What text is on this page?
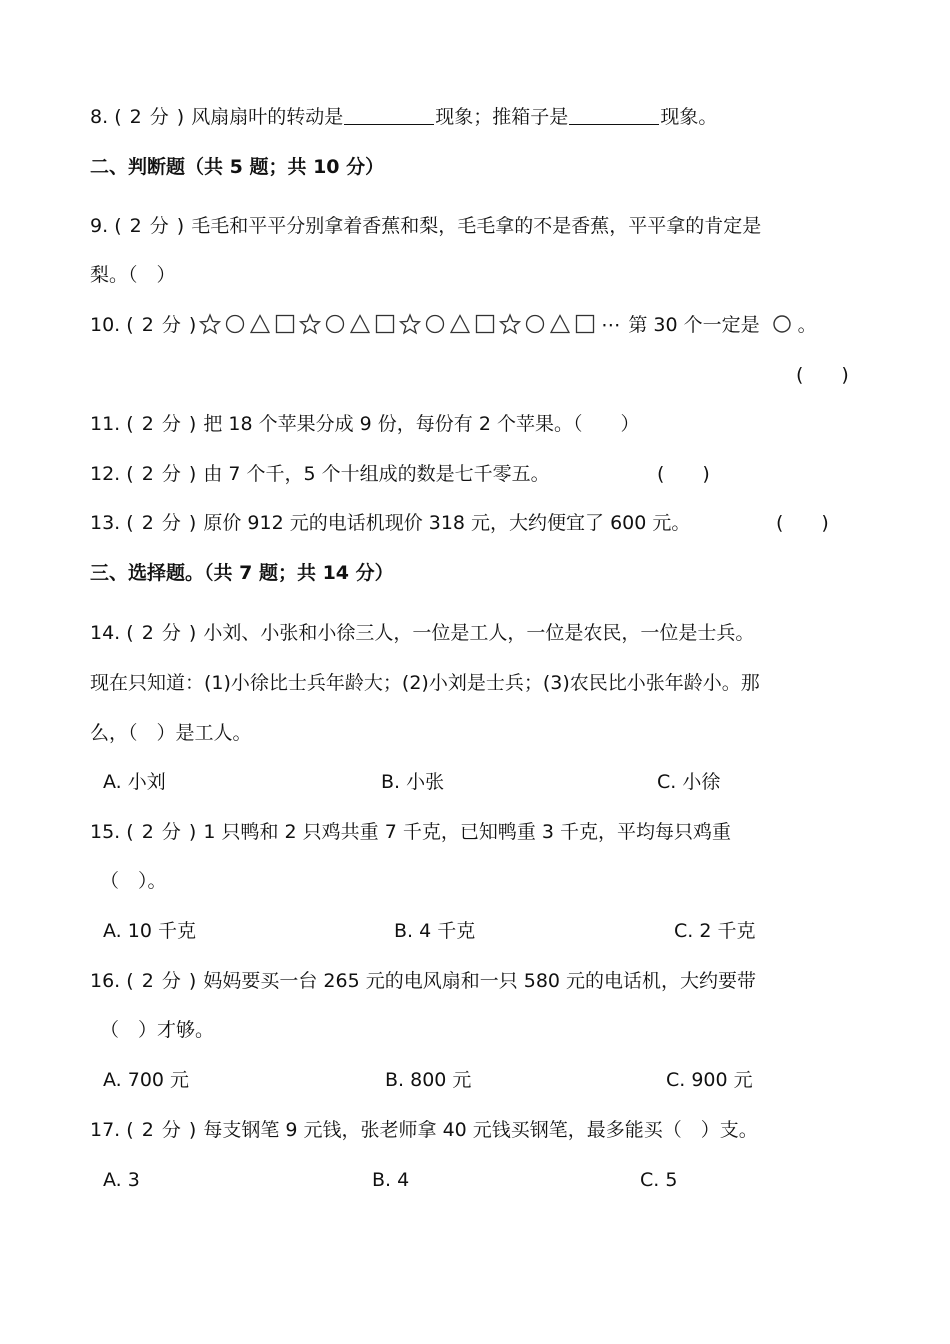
8. ( 2 分 ) 风扇扇叶的转动是	现象；推箱子是	现象。
二、判断题（共 5 题；共 10 分）
9. ( 2 分 ) 毛毛和平平分别拿着香蕉和梨，毛毛拿的不是香蕉，平平拿的肯定是
梨。（　）
10. ( 2 分 )	⋯ 第 30 个一定是 。
(　　)
11. ( 2 分 ) 把 18 个苹果分成 9 份，每份有 2 个苹果。（　　）
12. ( 2 分 ) 由 7 个千，5 个十组成的数是七千零五。	(　　)
13. ( 2 分 ) 原价 912 元的电话机现价 318 元，大约便宜了 600 元。	(　　)
三、选择题。（共 7 题；共 14 分）
14. ( 2 分 ) 小刘、小张和小徐三人，一位是工人，一位是农民，一位是士兵。
现在只知道：(1)小徐比士兵年龄大；(2)小刘是士兵；(3)农民比小张年龄小。那
么，（　）是工人。
A. 小刘	B. 小张	C. 小徐
15. ( 2 分 ) 1 只鸭和 2 只鸡共重 7 千克，已知鸭重 3 千克，平均每只鸡重
（　）。
A. 10 千克	B. 4 千克	C. 2 千克
16. ( 2 分 ) 妈妈要买一台 265 元的电风扇和一只 580 元的电话机，大约要带
（　）才够。
A. 700 元	B. 800 元	C. 900 元
17. ( 2 分 ) 每支钢笔 9 元钱，张老师拿 40 元钱买钢笔，最多能买（　）支。
A. 3	B. 4	C. 5
